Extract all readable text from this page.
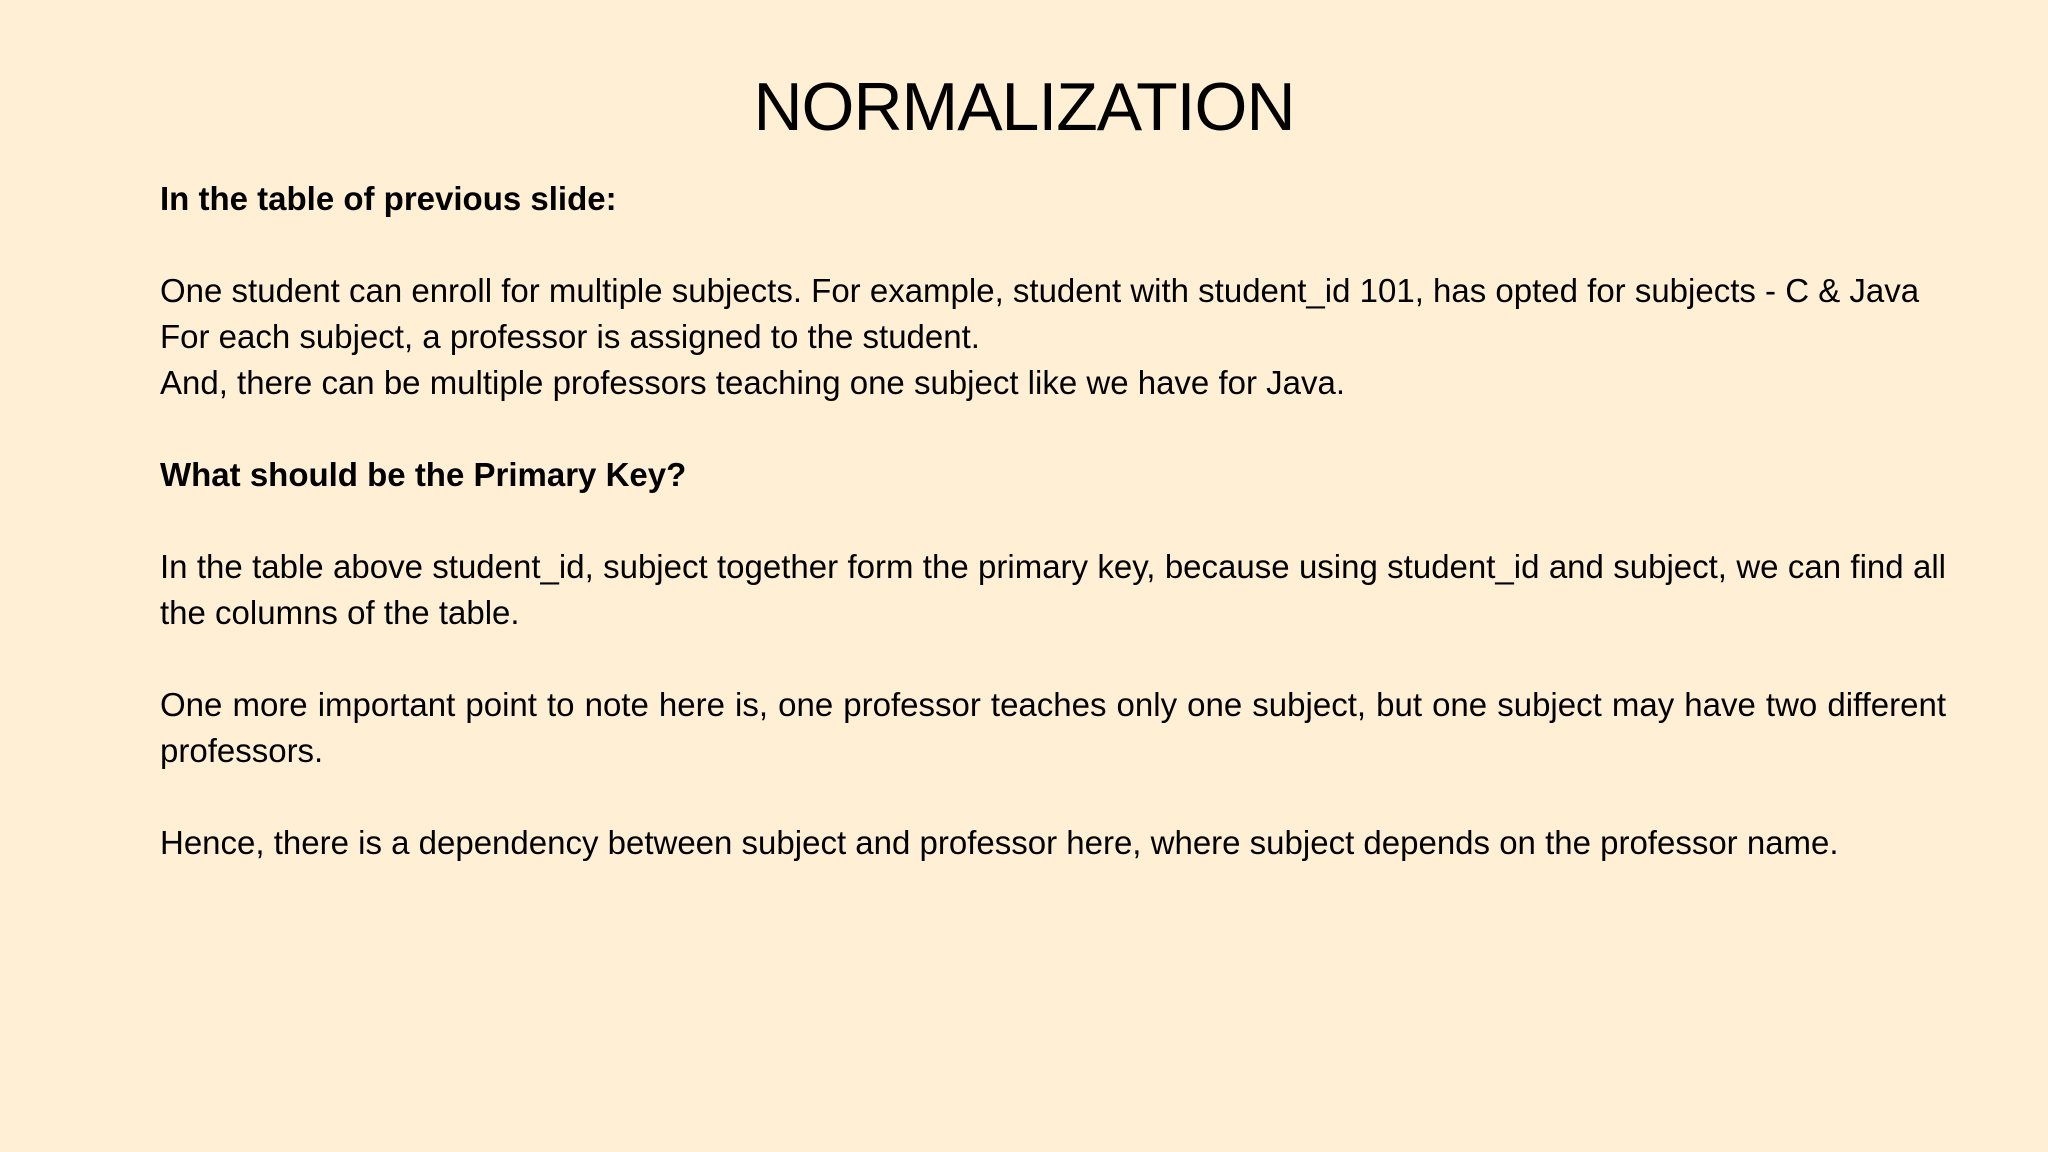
NORMALIZATION

In the table of previous slide:

One student can enroll for multiple subjects. For example, student with student_id 101, has opted for subjects - C & Java

For each subject, a professor is assigned to the student.

And, there can be multiple professors teaching one subject like we have for Java.

What should be the Primary Key?

In the table above student_id, subject together form the primary key, because using student_id and subject, we can find all the columns of the table.

One more important point to note here is, one professor teaches only one subject, but one subject may have two different professors.

Hence, there is a dependency between subject and professor here, where subject depends on the professor name.
